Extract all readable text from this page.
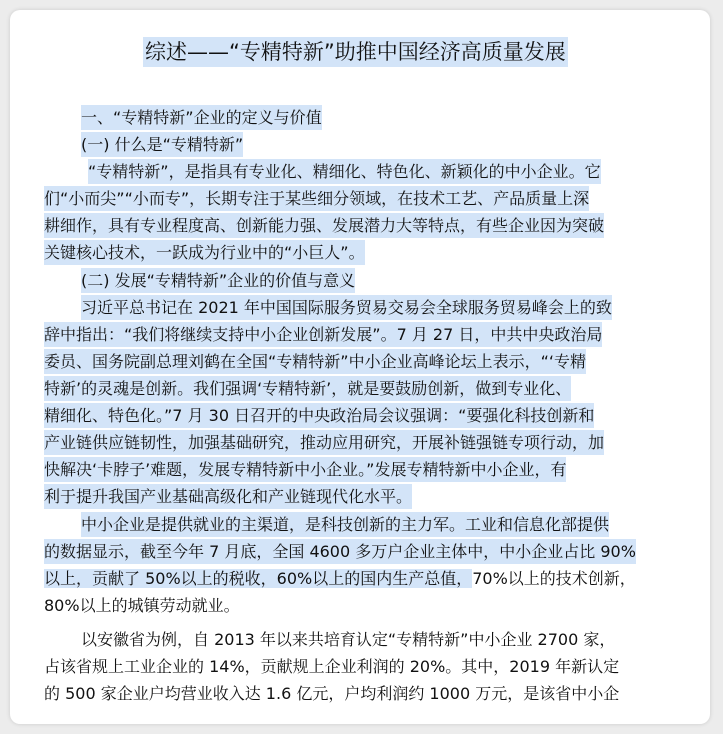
综述——“专精特新”助推中国经济高质量发展
一、“专精特新”企业的定义与价值
(一) 什么是“专精特新”
“专精特新”，是指具有专业化、精细化、特色化、新颖化的中小企业。它
们“小而尖”“小而专”，长期专注于某些细分领域，在技术工艺、产品质量上深
耕细作，具有专业程度高、创新能力强、发展潜力大等特点，有些企业因为突破
关键核心技术，一跃成为行业中的“小巨人”。
(二) 发展“专精特新”企业的价值与意义
习近平总书记在 2021 年中国国际服务贸易交易会全球服务贸易峰会上的致
辞中指出：“我们将继续支持中小企业创新发展”。7 月 27 日，中共中央政治局
委员、国务院副总理刘鹤在全国“专精特新”中小企业高峰论坛上表示，“‘专精
特新’的灵魂是创新。我们强调‘专精特新’，就是要鼓励创新，做到专业化、
精细化、特色化。”7 月 30 日召开的中央政治局会议强调：“要强化科技创新和
产业链供应链韧性，加强基础研究，推动应用研究，开展补链强链专项行动，加
快解决‘卡脖子’难题，发展专精特新中小企业。”发展专精特新中小企业，有
利于提升我国产业基础高级化和产业链现代化水平。
中小企业是提供就业的主渠道，是科技创新的主力军。工业和信息化部提供
的数据显示，截至今年 7 月底，全国 4600 多万户企业主体中，中小企业占比 90%
以上，贡献了 50%以上的税收，60%以上的国内生产总值，70%以上的技术创新，
80%以上的城镇劳动就业。
以安徽省为例，自 2013 年以来共培育认定“专精特新”中小企业 2700 家，
占该省规上工业企业的 14%，贡献规上企业利润的 20%。其中，2019 年新认定
的 500 家企业户均营业收入达 1.6 亿元，户均利润约 1000 万元，是该省中小企
